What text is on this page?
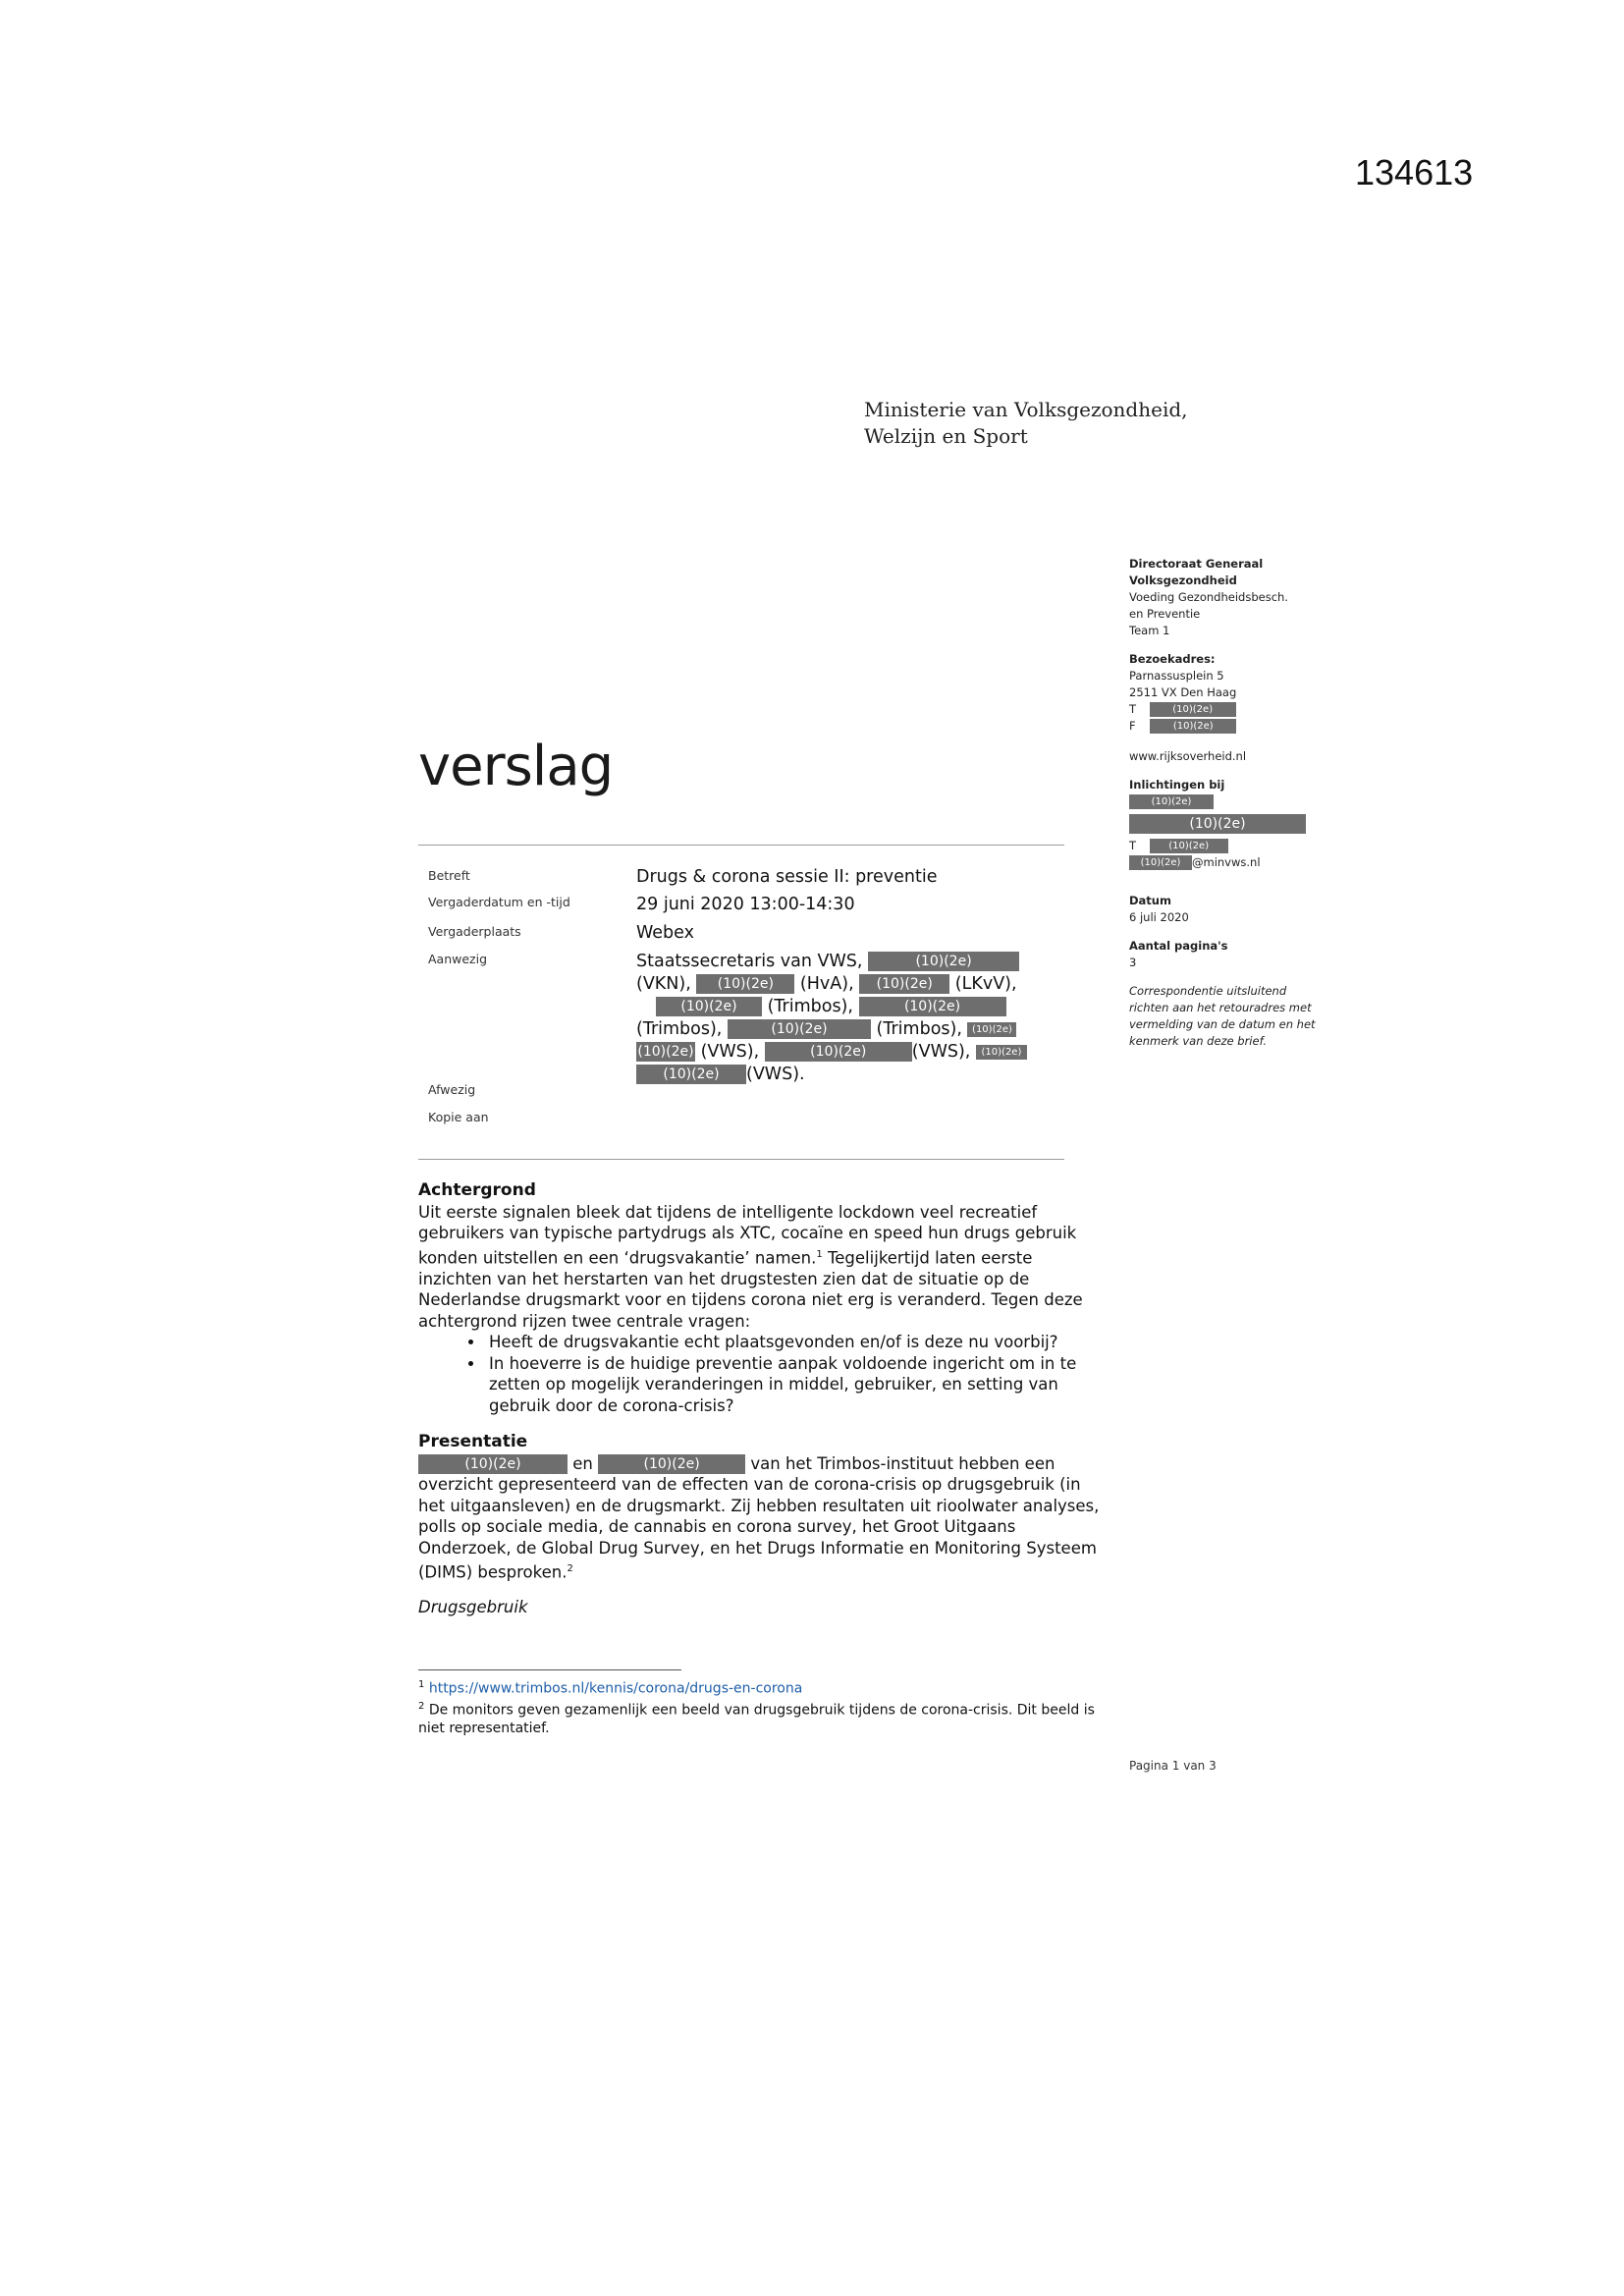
134613
Ministerie van Volksgezondheid,
Welzijn en Sport
verslag
Directoraat Generaal
Volksgezondheid
Voeding Gezondheidsbesch.
en Preventie
Team 1
Bezoekadres:
Parnassusplein 5
2511 VX Den Haag
T	(10)(2e)
F	(10)(2e)
www.rijksoverheid.nl
Inlichtingen bij
(10)(2e)
(10)(2e)
T	(10)(2e)
(10)(2e) @minvws.nl
Datum
6 juli 2020
Aantal pagina's
3
Correspondentie uitsluitend richten aan het retouradres met vermelding van de datum en het kenmerk van deze brief.
Betreft	Drugs & corona sessie II: preventie
Vergaderdatum en -tijd	29 juni 2020 13:00-14:30
Vergaderplaats	Webex
Aanwezig	Staatssecretaris van VWS,	(10)(2e)
(VKN), (10)(2e) (HvA), (10)(2e) (LKvV),
(10)(2e) (Trimbos),	(10)(2e)
(Trimbos),	(10)(2e)	(Trimbos), (10)(2e)
(10)(2e) (VWS),	(10)(2e)	(VWS), (10)(2e)
(10)(2e) (VWS).
Afwezig
Kopie aan
Achtergrond

Uit eerste signalen bleek dat tijdens de intelligente lockdown veel recreatief gebruikers van typische partydrugs als XTC, cocaïne en speed hun drugs gebruik konden uitstellen en een ‘drugsvakantie’ namen.$^1$ Tegelijkertijd laten eerste inzichten van het herstarten van het drugstesten zien dat de situatie op de Nederlandse drugsmarkt voor en tijdens corona niet erg is veranderd. Tegen deze achtergrond rijzen twee centrale vragen:

• Heeft de drugsvakantie echt plaatsgevonden en/of is deze nu voorbij?
• In hoeverre is de huidige preventie aanpak voldoende ingericht om in te zetten op mogelijk veranderingen in middel, gebruiker, en setting van gebruik door de corona-crisis?
Presentatie

(10)(2e)	en	(10)(2e)	van het Trimbos-instituut hebben een overzicht gepresenteerd van de effecten van de corona-crisis op drugsgebruik (in het uitgaansleven) en de drugsmarkt. Zij hebben resultaten uit rioolwater analyses, polls op sociale media, de cannabis en corona survey, het Groot Uitgaans Onderzoek, de Global Drug Survey, en het Drugs Informatie en Monitoring Systeem (DIMS) besproken.$^2$

Drugsgebruik
$^1$ https://www.trimbos.nl/kennis/corona/drugs-en-corona
$^2$ De monitors geven gezamenlijk een beeld van drugsgebruik tijdens de corona-crisis. Dit beeld is niet representatief.
Pagina 1 van 3
